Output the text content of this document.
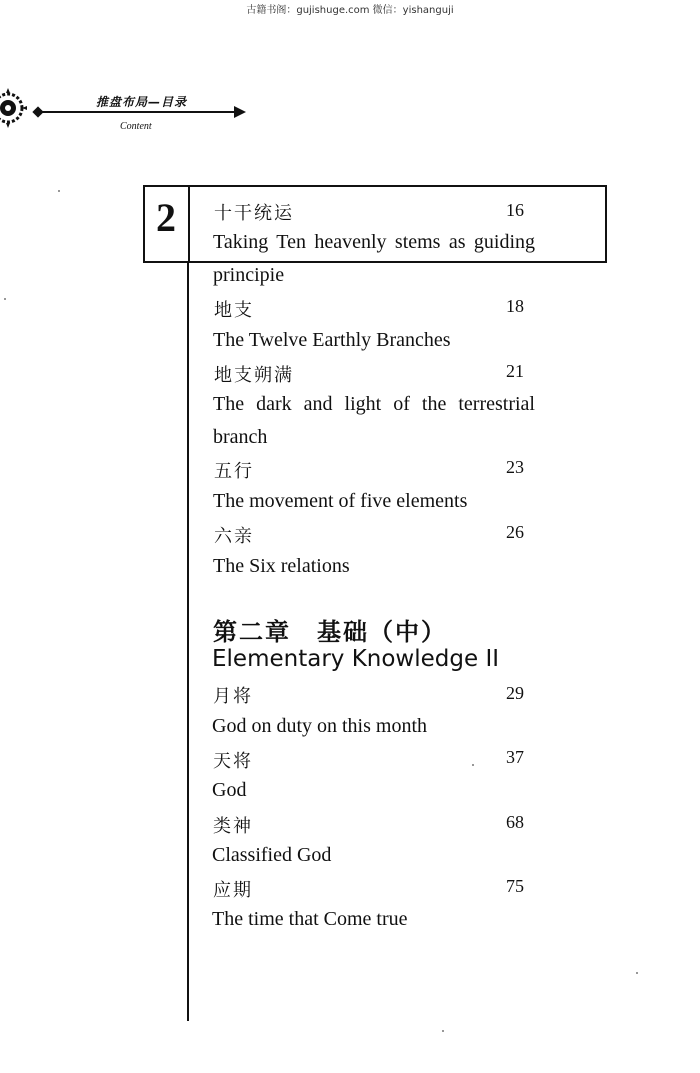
古籍书阁：gujishuge.com 微信：yishanguji
推盘布局—目录
Content
2	十干统运	16
Taking Ten heavenly stems as guiding
principie
地支	18
The Twelve Earthly Branches
地支朔满	21
The dark and light of the terrestrial
branch
五行	23
The movement of five elements
六亲	26
The Six relations
第二章　基础（中）
Elementary Knowledge II
月将	29
God on duty on this month
天将	37
God
类神	68
Classified God
应期	75
The time that Come true
